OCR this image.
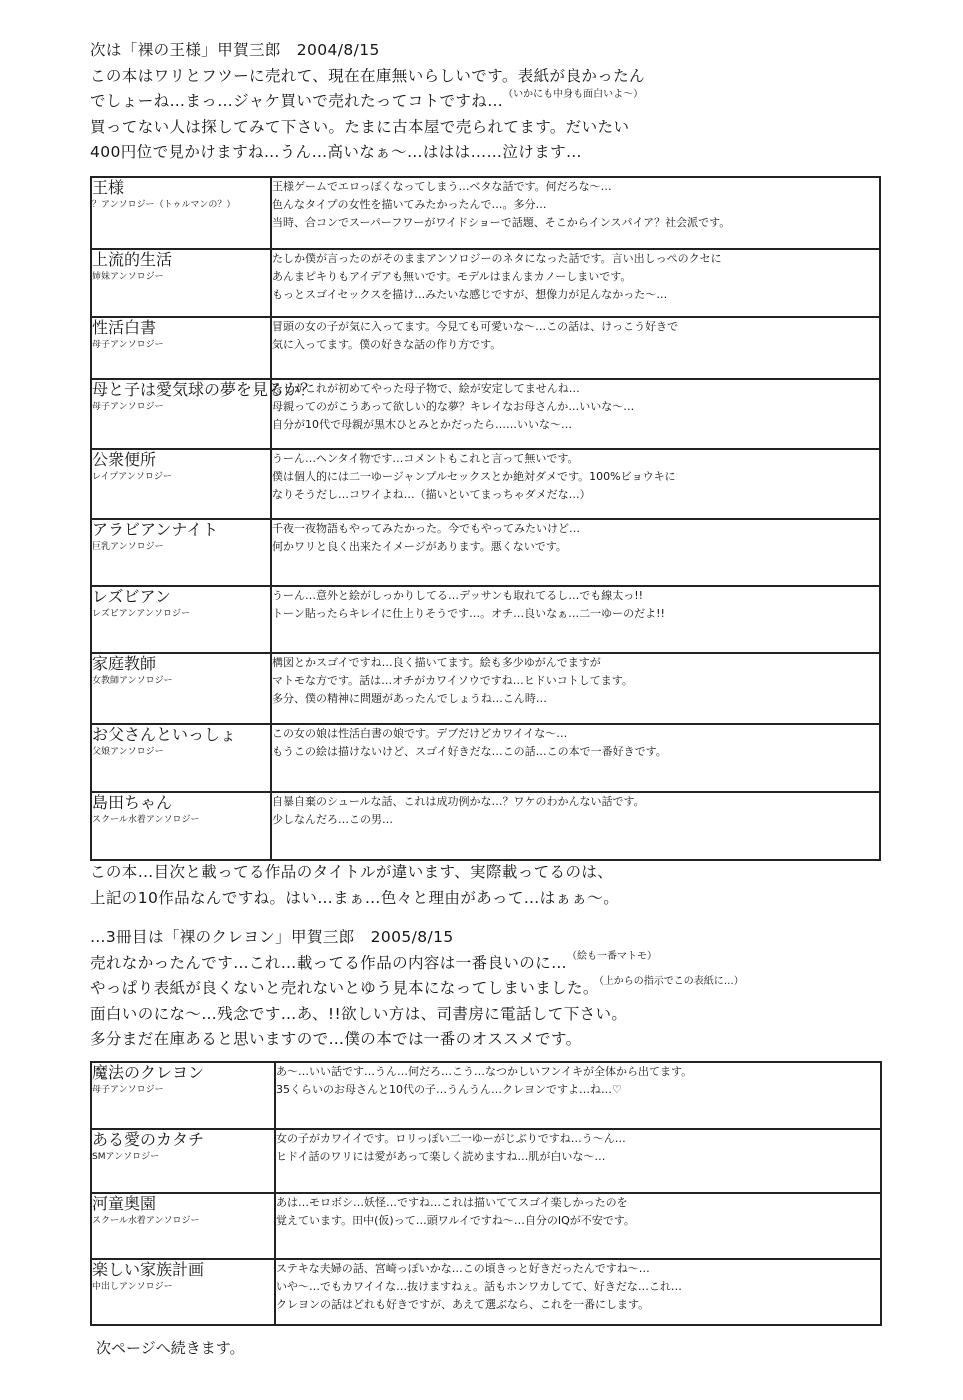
次は「裸の王様」甲賀三郎　2004/8/15

この本はワリとフツーに売れて、現在在庫無いらしいです。表紙が良かったん

でしょーね…まっ…ジャケ買いで売れたってコトですね…$^{(いかにも中身も面白いよ〜)}$

買ってない人は探してみて下さい。たまに古本屋で売られてます。だいたい

400円位で見かけますね…うん…高いなぁ〜…ははは……泣けます…

王様
？アンソロジー（トゥルマンの？）	王様ゲームでエロっぽくなってしまう…ベタな話です。何だろな〜…
色んなタイプの女性を描いてみたかったんで…。多分…
当時、合コンでスーパーフワーがワイドショーで話題、そこからインスパイア？社会派です。

上流的生活
姉妹アンソロジー	たしか僕が言ったのがそのままアンソロジーのネタになった話です。言い出しっぺのクセに
あんまピキりもアイデアも無いです。モデルはまんまカノーしまいです。
もっとスゴイセックスを描け…みたいな感じですが、想像力が足んなかった〜…

性活白書
母子アンソロジー	冒頭の女の子が気に入ってます。今見ても可愛いな〜…この話は、けっこう好きで
気に入ってます。僕の好きな話の作り方です。

母と子は愛気球の夢を見るか？
母子アンソロジー	たしかこれが初めてやった母子物で、絵が安定してませんね…
母親ってのがこうあって欲しい的な夢？キレイなお母さんか…いいな〜…
自分が10代で母親が黒木ひとみとかだったら……いいな〜…

公衆便所
レイプアンソロジー	うーん…ヘンタイ物です…コメントもこれと言って無いです。
僕は個人的には二一ゆージャンプルセックスとか絶対ダメです。100%ビョウキに
なりそうだし…コワイよね…（描いといてまっちゃダメだな…）

アラビアンナイト
巨乳アンソロジー	千夜一夜物語もやってみたかった。今でもやってみたいけど…
何かワリと良く出来たイメージがあります。悪くないです。

レズビアン
レズビアンアンソロジー	うーん…意外と絵がしっかりしてる…デッサンも取れてるし…でも線太っ!!
トーン貼ったらキレイに仕上りそうです…。オチ…良いなぁ…二一ゆーのだよ!!

家庭教師
女教師アンソロジー	構図とかスゴイですね…良く描いてます。絵も多少ゆがんでますが
マトモな方です。話は…オチがカワイソウですね…ヒドいコトしてます。
多分、僕の精神に問題があったんでしょうね…こん時…

お父さんといっしょ
父娘アンソロジー	この女の娘は性活白書の娘です。デブだけどカワイイな〜…
もうこの絵は描けないけど、スゴイ好きだな…この話…この本で一番好きです。

島田ちゃん
スクール水着アンソロジー	自暴自棄のシュールな話、これは成功例かな…？ワケのわかんない話です。
少しなんだろ…この男…

この本…目次と載ってる作品のタイトルが違います、実際載ってるのは、

上記の10作品なんですね。はい…まぁ…色々と理由があって…はぁぁ〜。

…3冊目は「裸のクレヨン」甲賀三郎　2005/8/15

売れなかったんです…これ…載ってる作品の内容は一番良いのに…$^{(絵も一番マトモ)}$

やっぱり表紙が良くないと売れないとゆう見本になってしまいました。$^{(上からの指示でこの表紙に\dots)}$

面白いのにな〜…残念です…あ、!!欲しい方は、司書房に電話して下さい。

多分まだ在庫あると思いますので…僕の本では一番のオススメです。

魔法のクレヨン
母子アンソロジー	あ〜…いい話です…うん…何だろ…こう…なつかしいフンイキが全体から出てます。
35くらいのお母さんと10代の子…うんうん…クレヨンですよ…ね…♡

ある愛のカタチ
SMアンソロジー	女の子がカワイイです。ロリっぽい二一ゆーがじぶりですね…う〜ん…
ヒドイ話のワリには愛があって楽しく読めますね…肌が白いな〜…

河童奥園
スクール水着アンソロジー	あは…モロボシ…妖怪…ですね…これは描いててスゴイ楽しかったのを
覚えています。田中(仮)って…頭ワルイですね〜…自分のIQが不安です。

楽しい家族計画
中出しアンソロジー	ステキな夫婦の話、宮崎っぽいかな…この頃きっと好きだったんですね〜…
いや〜…でもカワイイな…抜けますねぇ。話もホンワカしてて、好きだな…これ…
クレヨンの話はどれも好きですが、あえて選ぶなら、これを一番にします。
次ページへ続きます。
